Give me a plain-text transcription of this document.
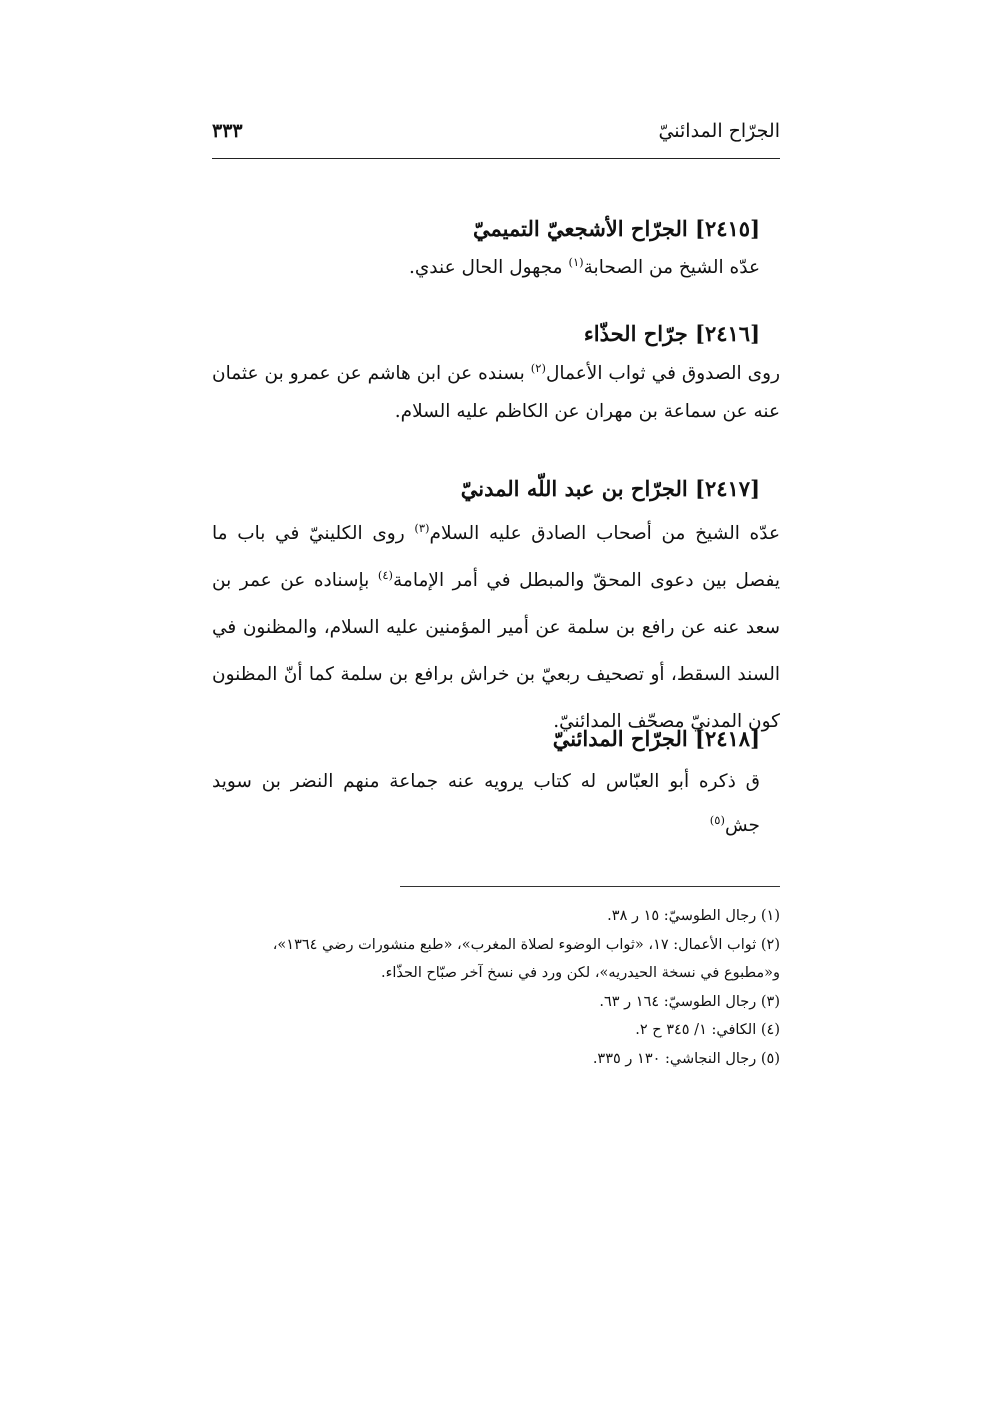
الجرّاح المدائنيّ
٣٣٣
[٢٤١٥] الجرّاح الأشجعيّ التميميّ

عدّه الشيخ من الصحابة$^{(١)}$ مجهول الحال عندي.

[٢٤١٦] جرّاح الحذّاء

روى الصدوق في ثواب الأعمال$^{(٢)}$ بسنده عن ابن هاشم عن عمرو بن عثمان عنه عن سماعة بن مهران عن الكاظم عليه السلام.

[٢٤١٧] الجرّاح بن عبد اللّه المدنيّ

عدّه الشيخ من أصحاب الصادق عليه السلام$^{(٣)}$ روى الكلينيّ في باب ما يفصل بين دعوى المحقّ والمبطل في أمر الإمامة$^{(٤)}$ بإسناده عن عمر بن سعد عنه عن رافع بن سلمة عن أمير المؤمنين عليه السلام، والمظنون في السند السقط، أو تصحيف ربعيّ بن خراش برافع بن سلمة كما أنّ المظنون كون المدنيّ مصحّف المدائنيّ.

[٢٤١٨] الجرّاح المدائنيّ

ق ذكره أبو العبّاس له كتاب يرويه عنه جماعة منهم النضر بن سويد جش$^{(٥)}$

(١) رجال الطوسيّ: ١٥ ر ٣٨.

(٢) ثواب الأعمال: ١٧، «ثواب الوضوء لصلاة المغرب»، «طبع منشورات رضي ١٣٦٤»،
و«مطبوع في نسخة الحيدريه»، لكن ورد في نسخ آخر صبّاح الحذّاء.

(٣) رجال الطوسيّ: ١٦٤ ر ٦٣.

(٤) الكافي: ١/ ٣٤٥ ح ٢.

(٥) رجال النجاشي: ١٣٠ ر ٣٣٥.
